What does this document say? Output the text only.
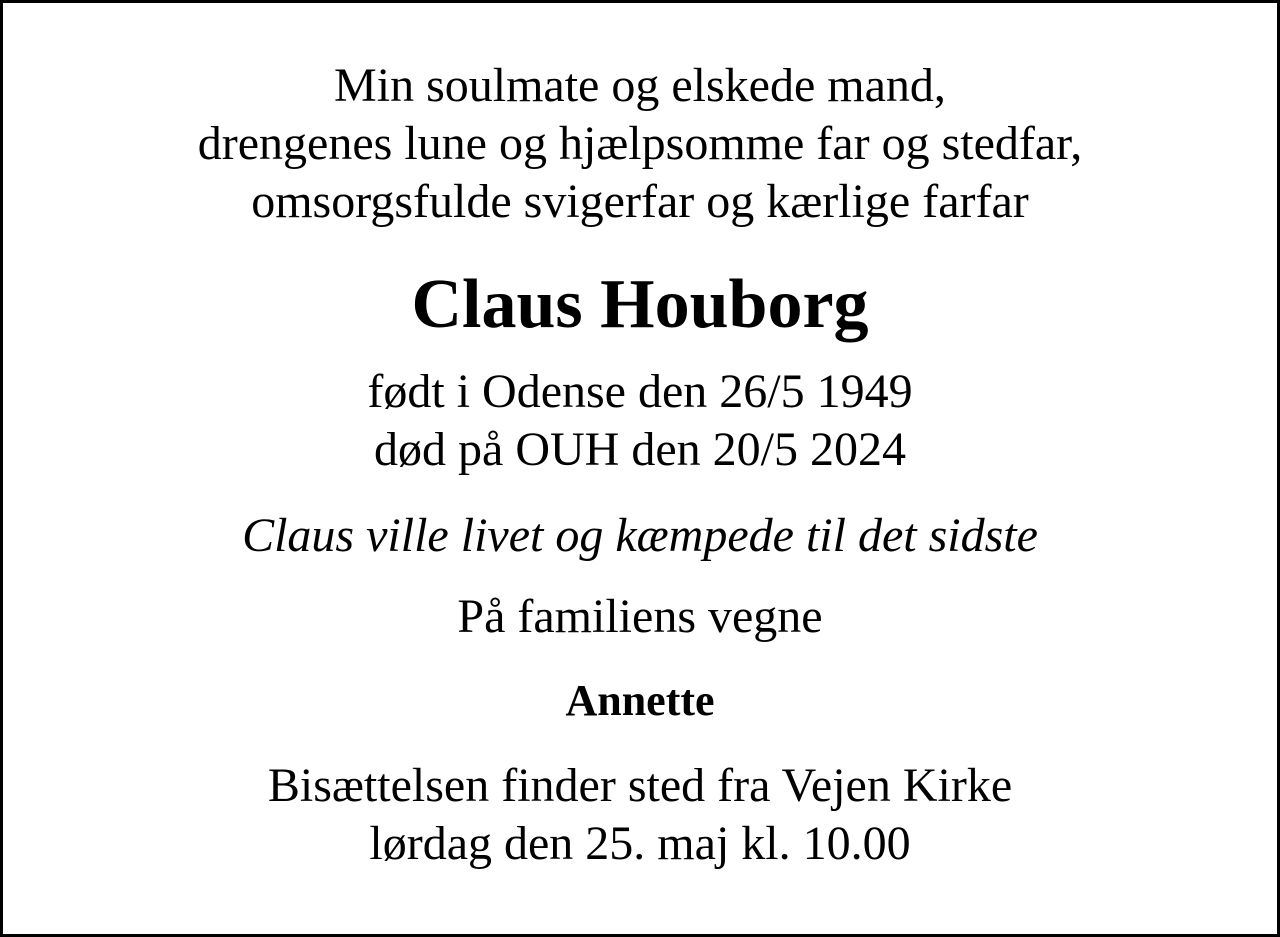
Min soulmate og elskede mand,
drengenes lune og hjælpsomme far og stedfar,
omsorgsfulde svigerfar og kærlige farfar
Claus Houborg
født i Odense den 26/5 1949
død på OUH den 20/5 2024
Claus ville livet og kæmpede til det sidste
På familiens vegne
Annette
Bisættelsen finder sted fra Vejen Kirke
lørdag den 25. maj kl. 10.00
